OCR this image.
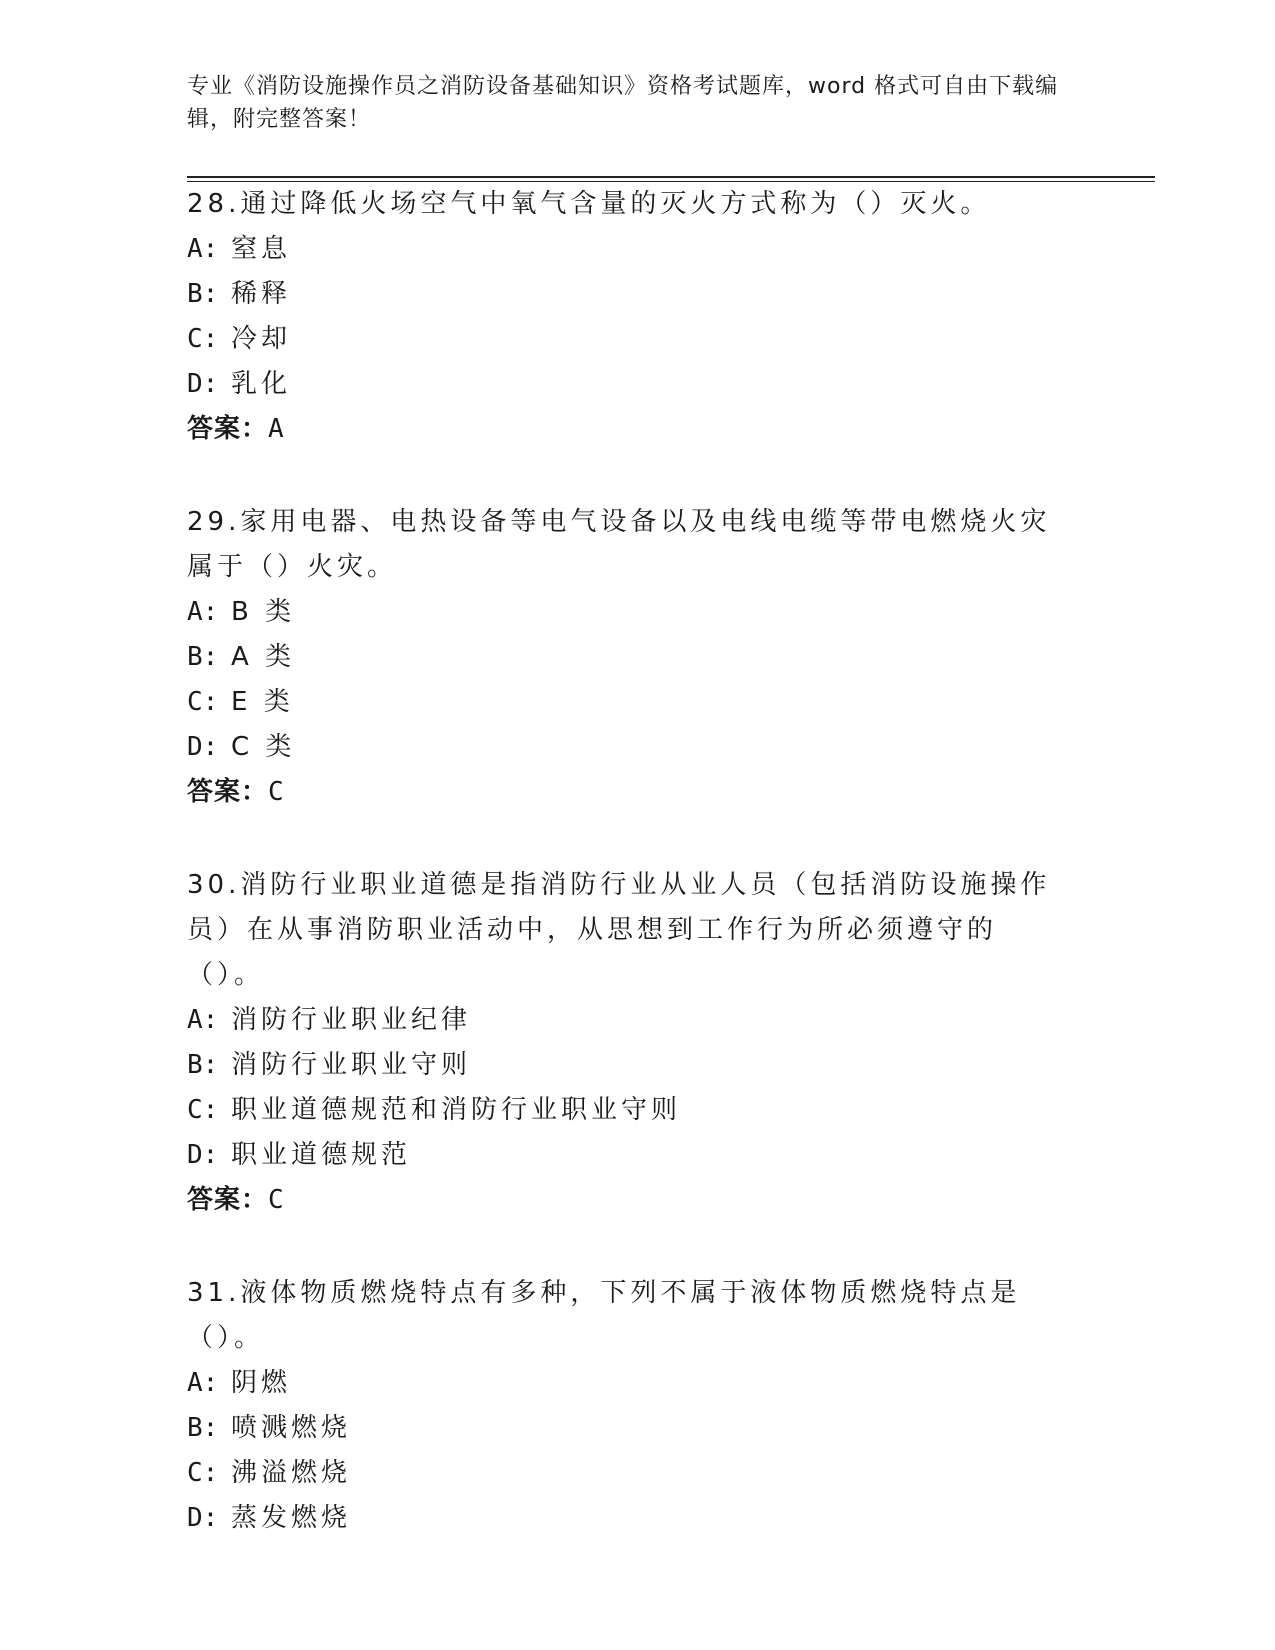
专业《消防设施操作员之消防设备基础知识》资格考试题库，word 格式可自由下载编辑，附完整答案！
28.通过降低火场空气中氧气含量的灭火方式称为（）灭火。
A: 窒息
B: 稀释
C: 冷却
D: 乳化
答案：A
29.家用电器、电热设备等电气设备以及电线电缆等带电燃烧火灾属于（）火灾。
A: B 类
B: A 类
C: E 类
D: C 类
答案：C
30.消防行业职业道德是指消防行业从业人员（包括消防设施操作员）在从事消防职业活动中，从思想到工作行为所必须遵守的（）。
A: 消防行业职业纪律
B: 消防行业职业守则
C: 职业道德规范和消防行业职业守则
D: 职业道德规范
答案：C
31.液体物质燃烧特点有多种，下列不属于液体物质燃烧特点是（）。
A: 阴燃
B: 喷溅燃烧
C: 沸溢燃烧
D: 蒸发燃烧
